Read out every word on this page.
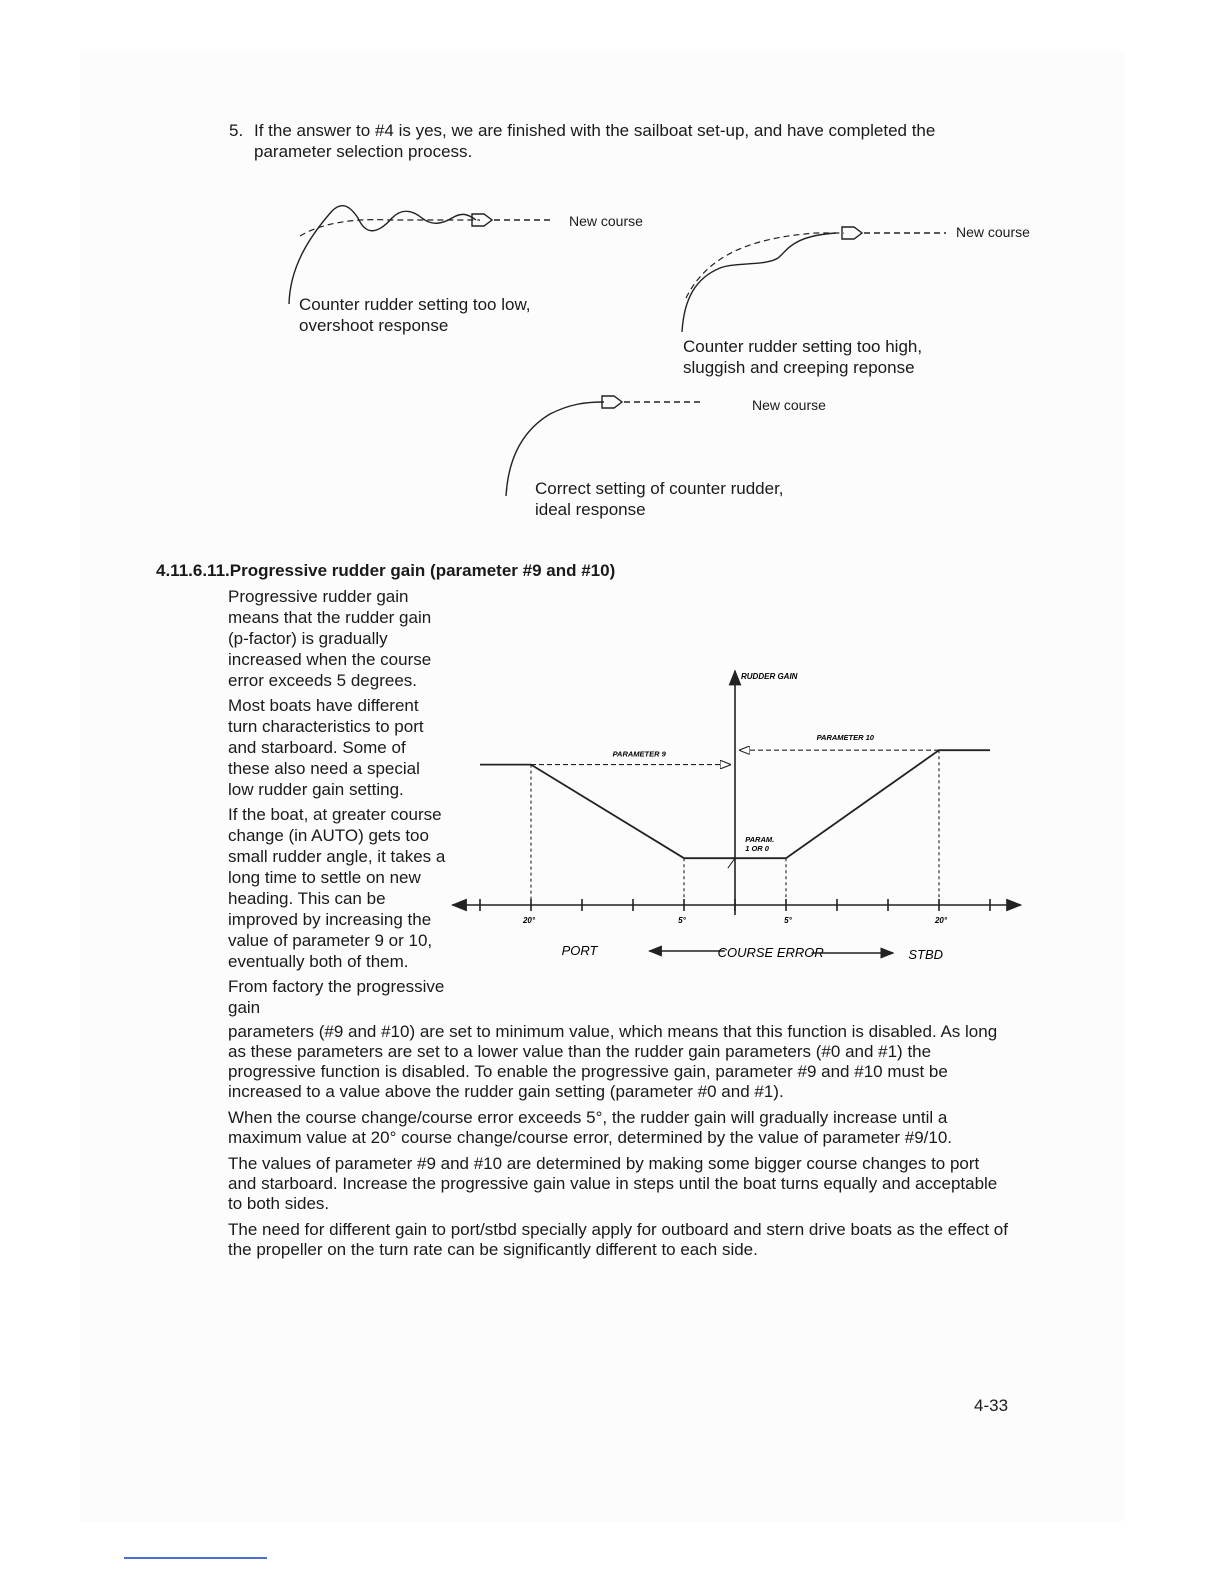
5. If the answer to #4 is yes, we are finished with the sailboat set-up, and have completed the parameter selection process.
New course
Counter rudder setting too low,
overshoot response
New course
Counter rudder setting too high,
sluggish and creeping reponse
New course
Correct setting of counter rudder,
ideal response
4.11.6.11.Progressive rudder gain (parameter #9 and #10)

Progressive rudder gain means that the rudder gain (p-factor) is gradually increased when the course error exceeds 5 degrees.

Most boats have different turn characteristics to port and starboard. Some of these also need a special low rudder gain setting.

If the boat, at greater course change (in AUTO) gets too small rudder angle, it takes a long time to settle on new heading. This can be improved by increasing the value of parameter 9 or 10, eventually both of them.

From factory the progressive gain

RUDDER GAIN
PARAMETER 9
PARAMETER 10
PARAM.
1 OR 0
20°	5°	5°	20°
PORT	COURSE ERROR	STBD

parameters (#9 and #10) are set to minimum value, which means that this function is disabled. As long as these parameters are set to a lower value than the rudder gain parameters (#0 and #1) the progressive function is disabled. To enable the progressive gain, parameter #9 and #10 must be increased to a value above the rudder gain setting (parameter #0 and #1).

When the course change/course error exceeds 5°, the rudder gain will gradually increase until a maximum value at 20° course change/course error, determined by the value of parameter #9/10.

The values of parameter #9 and #10 are determined by making some bigger course changes to port and starboard. Increase the progressive gain value in steps until the boat turns equally and acceptable to both sides.

The need for different gain to port/stbd specially apply for outboard and stern drive boats as the effect of the propeller on the turn rate can be significantly different to each side.

4-33
